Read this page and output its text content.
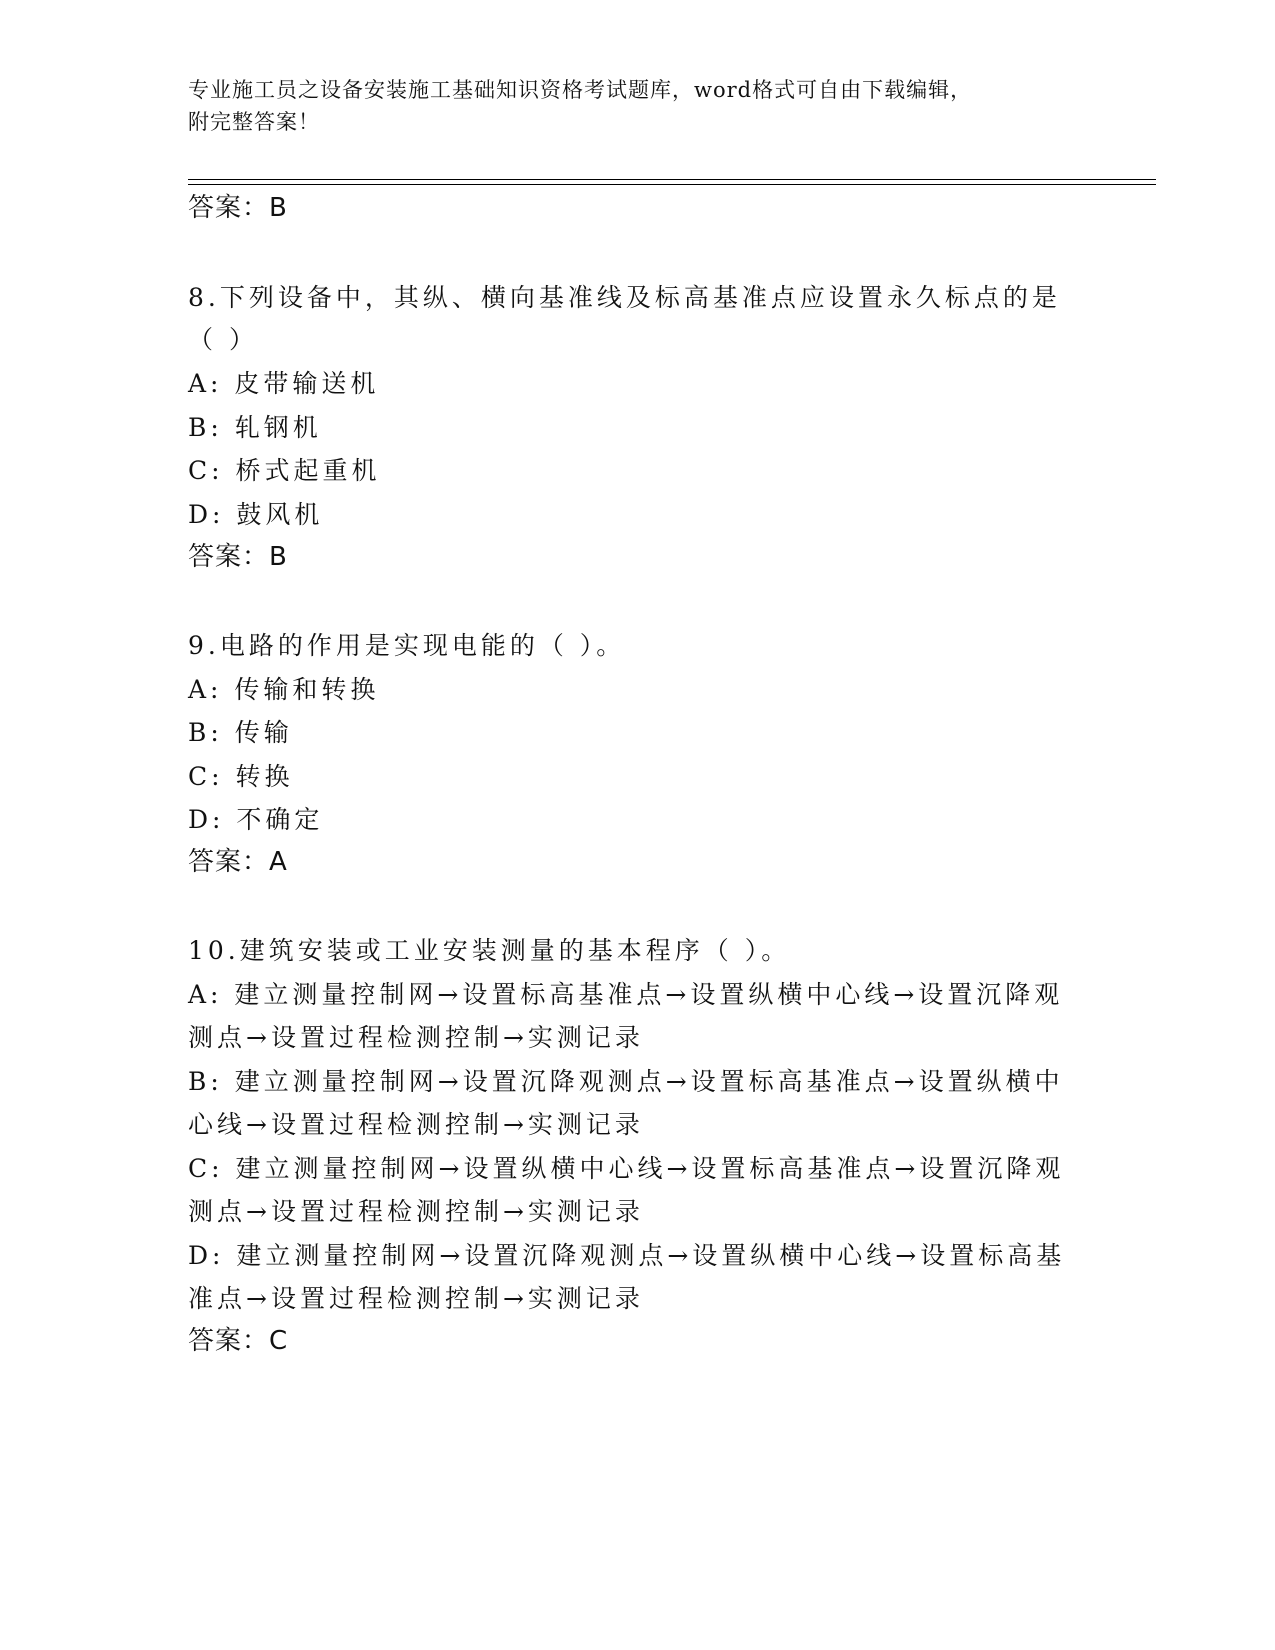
专业施工员之设备安装施工基础知识资格考试题库，word格式可自由下载编辑，
附完整答案！
答案：B
8.下列设备中，其纵、横向基准线及标高基准点应设置永久标点的是
（ ）
A: 皮带输送机
B: 轧钢机
C: 桥式起重机
D: 鼓风机
答案：B
9.电路的作用是实现电能的（ ）。
A: 传输和转换
B: 传输
C: 转换
D: 不确定
答案：A
10.建筑安装或工业安装测量的基本程序（ ）。
A: 建立测量控制网→设置标高基准点→设置纵横中心线→设置沉降观
测点→设置过程检测控制→实测记录
B: 建立测量控制网→设置沉降观测点→设置标高基准点→设置纵横中
心线→设置过程检测控制→实测记录
C: 建立测量控制网→设置纵横中心线→设置标高基准点→设置沉降观
测点→设置过程检测控制→实测记录
D: 建立测量控制网→设置沉降观测点→设置纵横中心线→设置标高基
准点→设置过程检测控制→实测记录
答案：C
